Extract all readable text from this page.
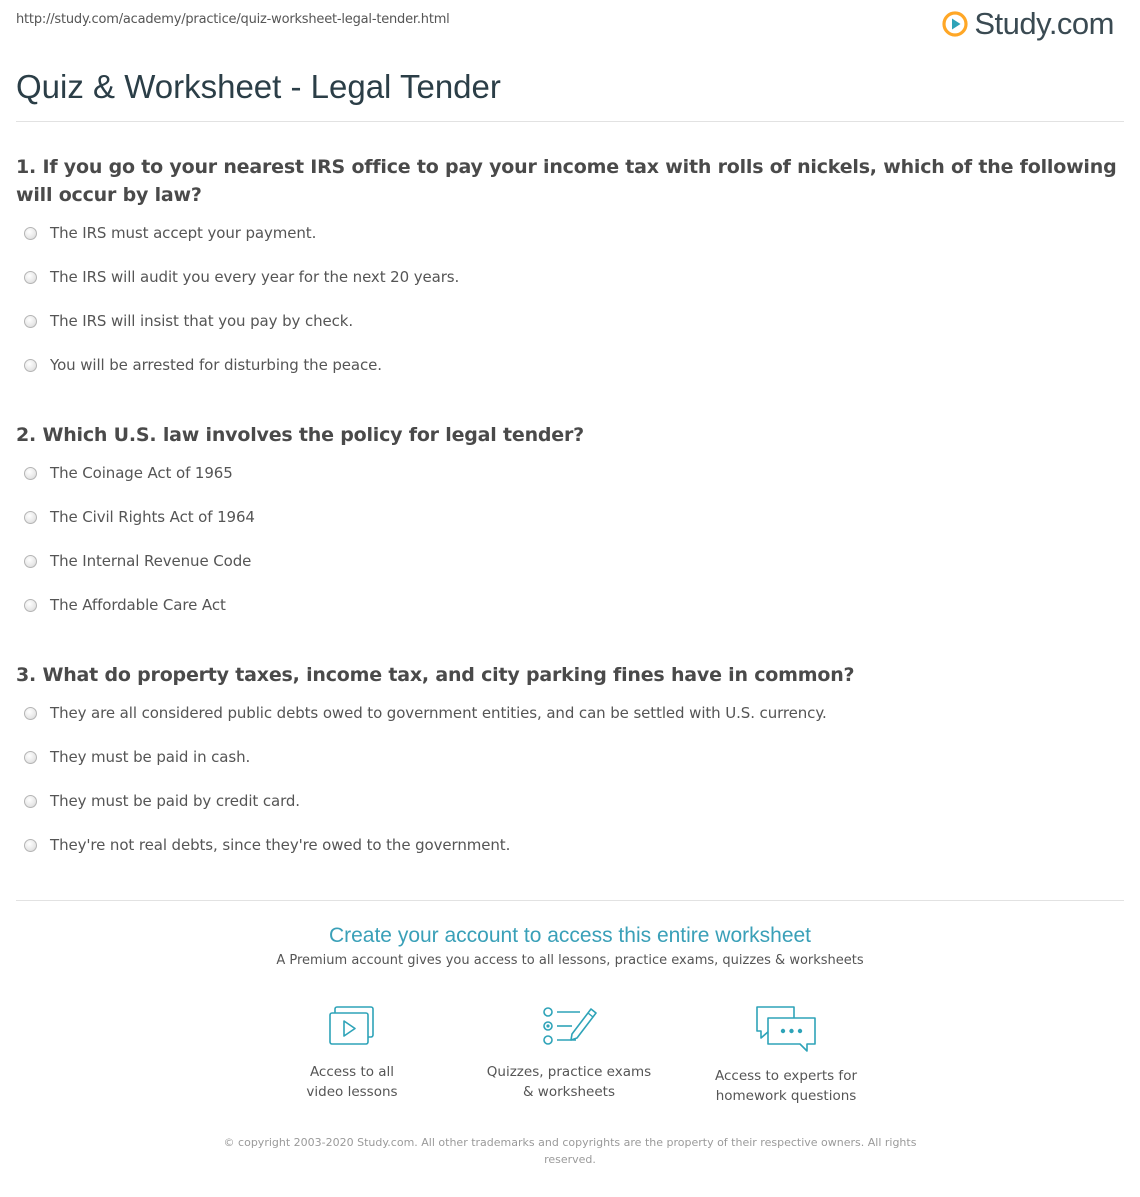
http://study.com/academy/practice/quiz-worksheet-legal-tender.html	Study.com
Quiz & Worksheet - Legal Tender

1. If you go to your nearest IRS office to pay your income tax with rolls of nickels, which of the following will occur by law?

The IRS must accept your payment.
The IRS will audit you every year for the next 20 years.
The IRS will insist that you pay by check.
You will be arrested for disturbing the peace.

2. Which U.S. law involves the policy for legal tender?

The Coinage Act of 1965
The Civil Rights Act of 1964
The Internal Revenue Code
The Affordable Care Act

3. What do property taxes, income tax, and city parking fines have in common?

They are all considered public debts owed to government entities, and can be settled with U.S. currency.
They must be paid in cash.
They must be paid by credit card.
They're not real debts, since they're owed to the government.
Create your account to access this entire worksheet
A Premium account gives you access to all lessons, practice exams, quizzes & worksheets
Access to all
video lessons
Quizzes, practice exams
& worksheets
Access to experts for
homework questions
© copyright 2003-2020 Study.com. All other trademarks and copyrights are the property of their respective owners. All rights reserved.
